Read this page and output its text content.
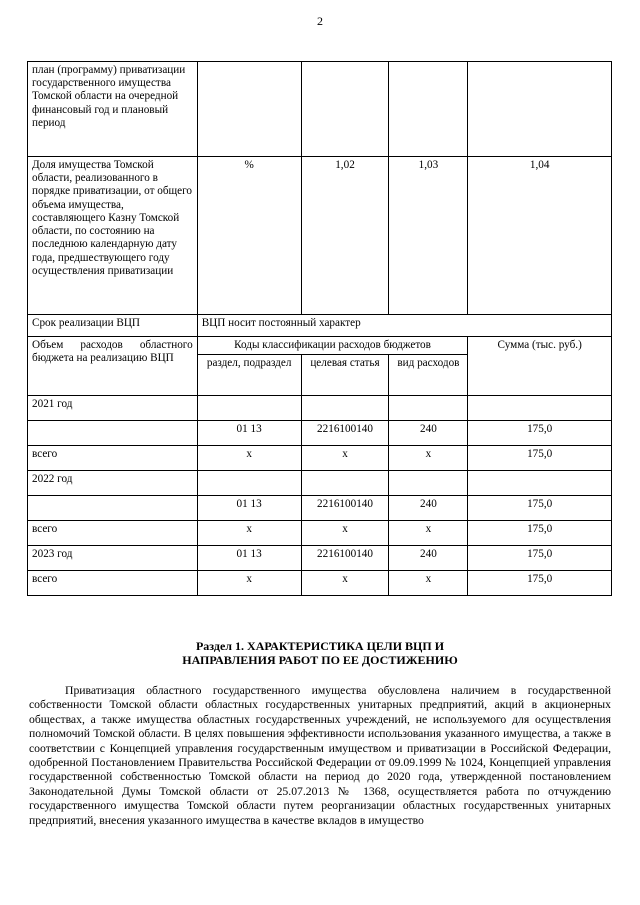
2
план (программу) приватизации государственного имущества Томской области на очередной финансовый год и плановый период				
Доля имущества Томской области, реализованного в порядке приватизации, от общего объема имущества, составляющего Казну Томской области, по состоянию на последнюю календарную дату года, предшествующего году осуществления приватизации	%	1,02	1,03	1,04
Срок реализации ВЦП	ВЦП носит постоянный характер			
Объем расходов областного бюджета на реализацию ВЦП	Коды классификации расходов бюджетов			Сумма (тыс. руб.)
	раздел, подраздел	целевая статья	вид расходов	
2021 год				
	01 13	2216100140	240	175,0
всего	х	х	х	175,0
2022 год				
	01 13	2216100140	240	175,0
всего	х	х	х	175,0
2023 год	01 13	2216100140	240	175,0
всего	х	х	х	175,0
Раздел 1. ХАРАКТЕРИСТИКА ЦЕЛИ ВЦП И
НАПРАВЛЕНИЯ РАБОТ ПО ЕЕ ДОСТИЖЕНИЮ

Приватизация областного государственного имущества обусловлена наличием в государственной собственности Томской области областных государственных унитарных предприятий, акций в акционерных обществах, а также имущества областных государственных учреждений, не используемого для осуществления полномочий Томской области. В целях повышения эффективности использования указанного имущества, а также в соответствии с Концепцией управления государственным имуществом и приватизации в Российской Федерации, одобренной Постановлением Правительства Российской Федерации от 09.09.1999 № 1024, Концепцией управления государственной собственностью Томской области на период до 2020 года, утвержденной постановлением Законодательной Думы Томской области от 25.07.2013 № 1368, осуществляется работа по отчуждению государственного имущества Томской области путем реорганизации областных государственных унитарных предприятий, внесения указанного имущества в качестве вкладов в имущество
